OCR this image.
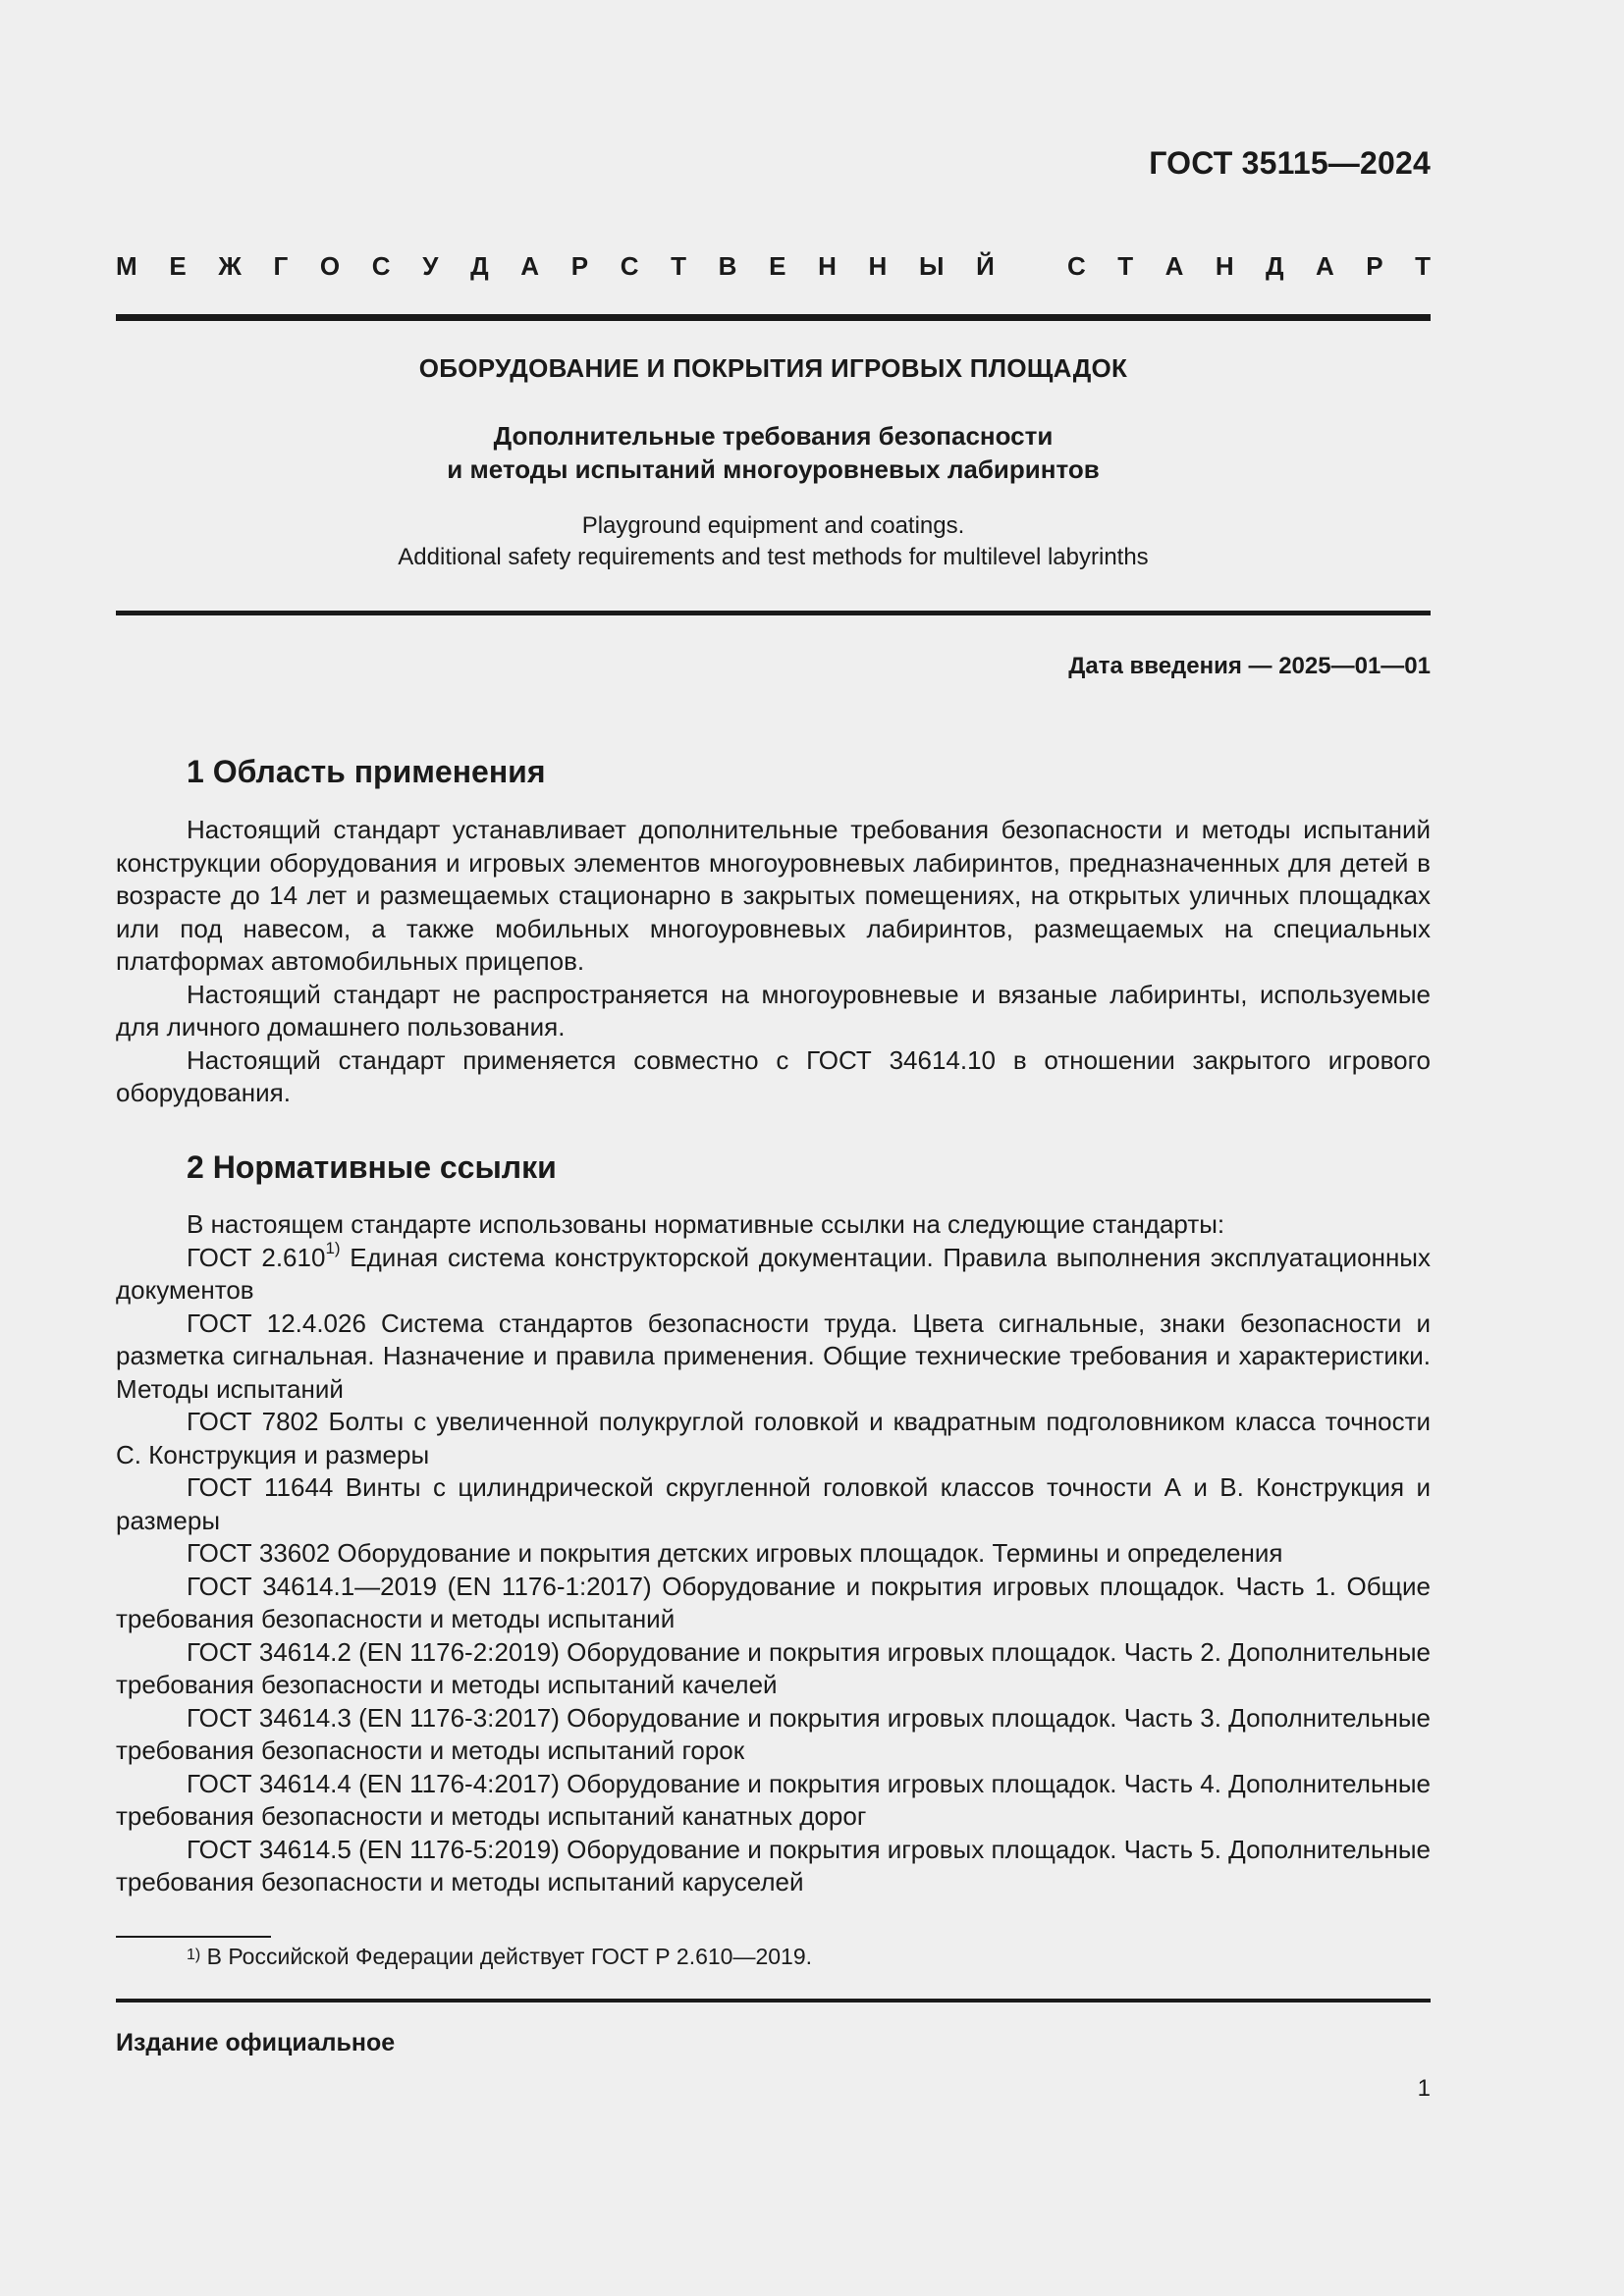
ГОСТ 35115—2024
М Е Ж Г О С У Д А Р С Т В Е Н Н Ы Й	С Т А Н Д А Р Т
ОБОРУДОВАНИЕ И ПОКРЫТИЯ ИГРОВЫХ ПЛОЩАДОК
Дополнительные требования безопасности
и методы испытаний многоуровневых лабиринтов
Playground equipment and coatings.
Additional safety requirements and test methods for multilevel labyrinths
Дата введения — 2025—01—01
1 Область применения

Настоящий стандарт устанавливает дополнительные требования безопасности и методы испытаний конструкции оборудования и игровых элементов многоуровневых лабиринтов, предназначенных для детей в возрасте до 14 лет и размещаемых стационарно в закрытых помещениях, на открытых уличных площадках или под навесом, а также мобильных многоуровневых лабиринтов, размещаемых на специальных платформах автомобильных прицепов.

Настоящий стандарт не распространяется на многоуровневые и вязаные лабиринты, используемые для личного домашнего пользования.

Настоящий стандарт применяется совместно с ГОСТ 34614.10 в отношении закрытого игрового оборудования.

2 Нормативные ссылки

В настоящем стандарте использованы нормативные ссылки на следующие стандарты:

ГОСТ 2.610$^{1)}$ Единая система конструкторской документации. Правила выполнения эксплуатационных документов

ГОСТ 12.4.026 Система стандартов безопасности труда. Цвета сигнальные, знаки безопасности и разметка сигнальная. Назначение и правила применения. Общие технические требования и характеристики. Методы испытаний

ГОСТ 7802 Болты с увеличенной полукруглой головкой и квадратным подголовником класса точности С. Конструкция и размеры

ГОСТ 11644 Винты с цилиндрической скругленной головкой классов точности А и В. Конструкция и размеры

ГОСТ 33602 Оборудование и покрытия детских игровых площадок. Термины и определения

ГОСТ 34614.1—2019 (EN 1176-1:2017) Оборудование и покрытия игровых площадок. Часть 1. Общие требования безопасности и методы испытаний

ГОСТ 34614.2 (EN 1176-2:2019) Оборудование и покрытия игровых площадок. Часть 2. Дополнительные требования безопасности и методы испытаний качелей

ГОСТ 34614.3 (EN 1176-3:2017) Оборудование и покрытия игровых площадок. Часть 3. Дополнительные требования безопасности и методы испытаний горок

ГОСТ 34614.4 (EN 1176-4:2017) Оборудование и покрытия игровых площадок. Часть 4. Дополнительные требования безопасности и методы испытаний канатных дорог

ГОСТ 34614.5 (EN 1176-5:2019) Оборудование и покрытия игровых площадок. Часть 5. Дополнительные требования безопасности и методы испытаний каруселей

$^{1)}$ В Российской Федерации действует ГОСТ Р 2.610—2019.
Издание официальное
1
